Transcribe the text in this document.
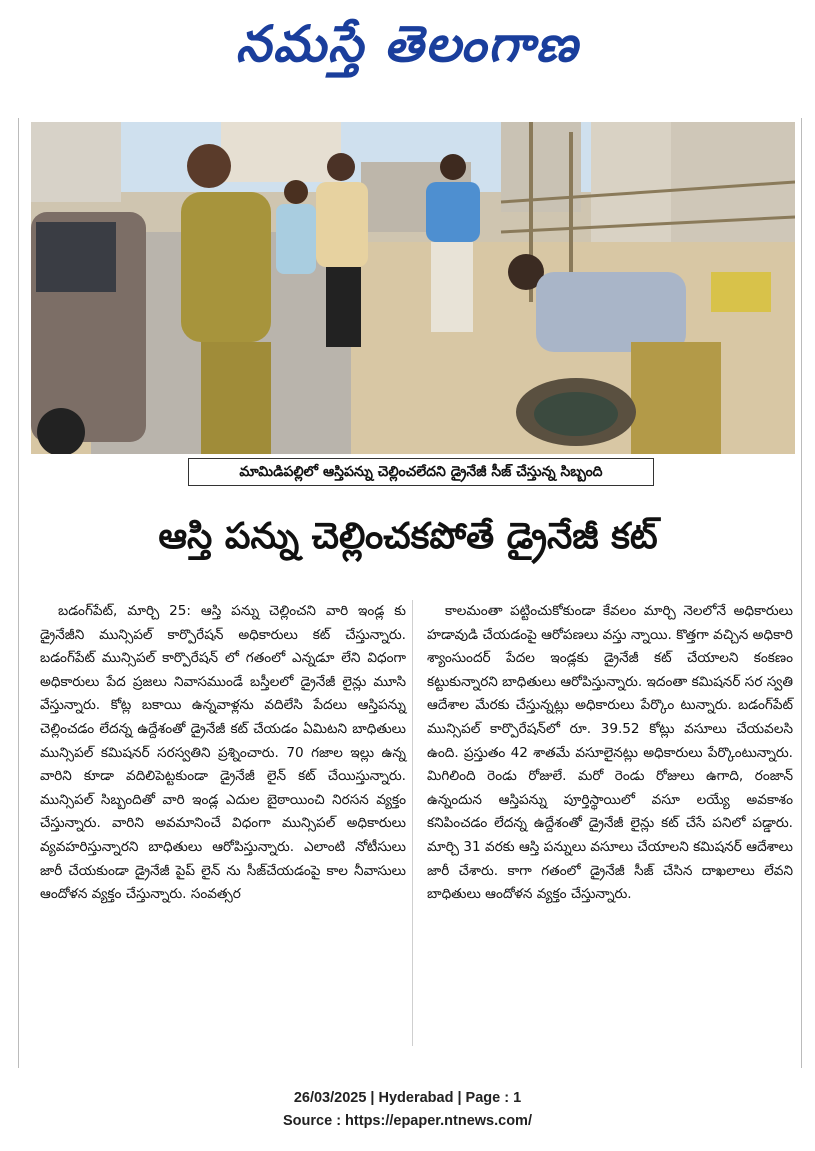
నమస్తే తెలంగాణ
మామిడిపల్లిలో ఆస్తిపన్ను చెల్లించలేదని డ్రైనేజీ సీజ్ చేస్తున్న సిబ్బంది
ఆస్తి పన్ను చెల్లించకపోతే డ్రైనేజీ కట్

బడంగ్‌పేట్, మార్చి 25: ఆస్తి పన్ను చెల్లించని వారి ఇండ్ల కు డ్రైనేజీని మున్సిపల్ కార్పొరేషన్ అధికారులు కట్ చేస్తున్నారు. బడంగ్‌పేట్ మున్సిపల్ కార్పొరేషన్ లో గతంలో ఎన్నడూ లేని విధంగా అధికారులు పేద ప్రజలు నివాసముండే బస్తీలలో డ్రైనేజీ లైన్లు మూసి వేస్తున్నారు. కోట్ల బకాయి ఉన్నవాళ్లను వదిలేసి పేదలు ఆస్తిపన్ను చెల్లించడం లేదన్న ఉద్దేశంతో డ్రైనేజీ కట్ చేయడం ఏమిటని బాధితులు మున్సిపల్ కమిషనర్ సరస్వతిని ప్రశ్నించారు. 70 గజాల ఇల్లు ఉన్న వారిని కూడా వదిలిపెట్టకుండా డ్రైనేజీ లైన్ కట్ చేయిస్తున్నారు. మున్సిపల్ సిబ్బందితో వారి ఇండ్ల ఎదుల బైఠాయించి నిరసన వ్యక్తం చేస్తున్నారు. వారిని అవమానించే విధంగా మున్సిపల్ అధికారులు వ్యవహరిస్తున్నారని బాధితులు ఆరోపిస్తున్నారు. ఎలాంటి నోటీసులు జారీ చేయకుండా డ్రైనేజీ పైప్ లైన్ ను సీజ్‌చేయడంపై కాల నీవాసులు ఆందోళన వ్యక్తం చేస్తున్నారు. సంవత్సర

కాలమంతా పట్టించుకోకుండా కేవలం మార్చి నెలలోనే అధికారులు హడావుడి చేయడంపై ఆరోపణలు వస్తు న్నాయి. కొత్తగా వచ్చిన అధికారి శ్యాంసుందర్ పేదల ఇండ్లకు డ్రైనేజీ కట్ చేయాలని కంకణం కట్టుకున్నారని బాధితులు ఆరోపిస్తున్నారు. ఇదంతా కమిషనర్ సర స్వతి ఆదేశాల మేరకు చేస్తున్నట్లు అధికారులు పేర్కొం టున్నారు. బడంగ్‌పేట్ మున్సిపల్ కార్పొరేషన్‌లో రూ. 39.52 కోట్లు వసూలు చేయవలసి ఉంది. ప్రస్తుతం 42 శాతమే వసూలైనట్లు అధికారులు పేర్కొంటున్నారు. మిగిలింది రెండు రోజులే. మరో రెండు రోజులు ఉగాది, రంజాన్ ఉన్నందున ఆస్తిపన్ను పూర్తిస్థాయిలో వసూ లయ్యే అవకాశం కనిపించడం లేదన్న ఉద్దేశంతో డ్రైనేజీ లైన్లు కట్ చేసే పనిలో పడ్డారు. మార్చి 31 వరకు ఆస్తి పన్నులు వసూలు చేయాలని కమిషనర్ ఆదేశాలు జారీ చేశారు. కాగా గతంలో డ్రైనేజీ సీజ్ చేసిన దాఖలాలు లేవని బాధితులు ఆందోళన వ్యక్తం చేస్తున్నారు.

26/03/2025 | Hyderabad | Page : 1
Source : https://epaper.ntnews.com/
